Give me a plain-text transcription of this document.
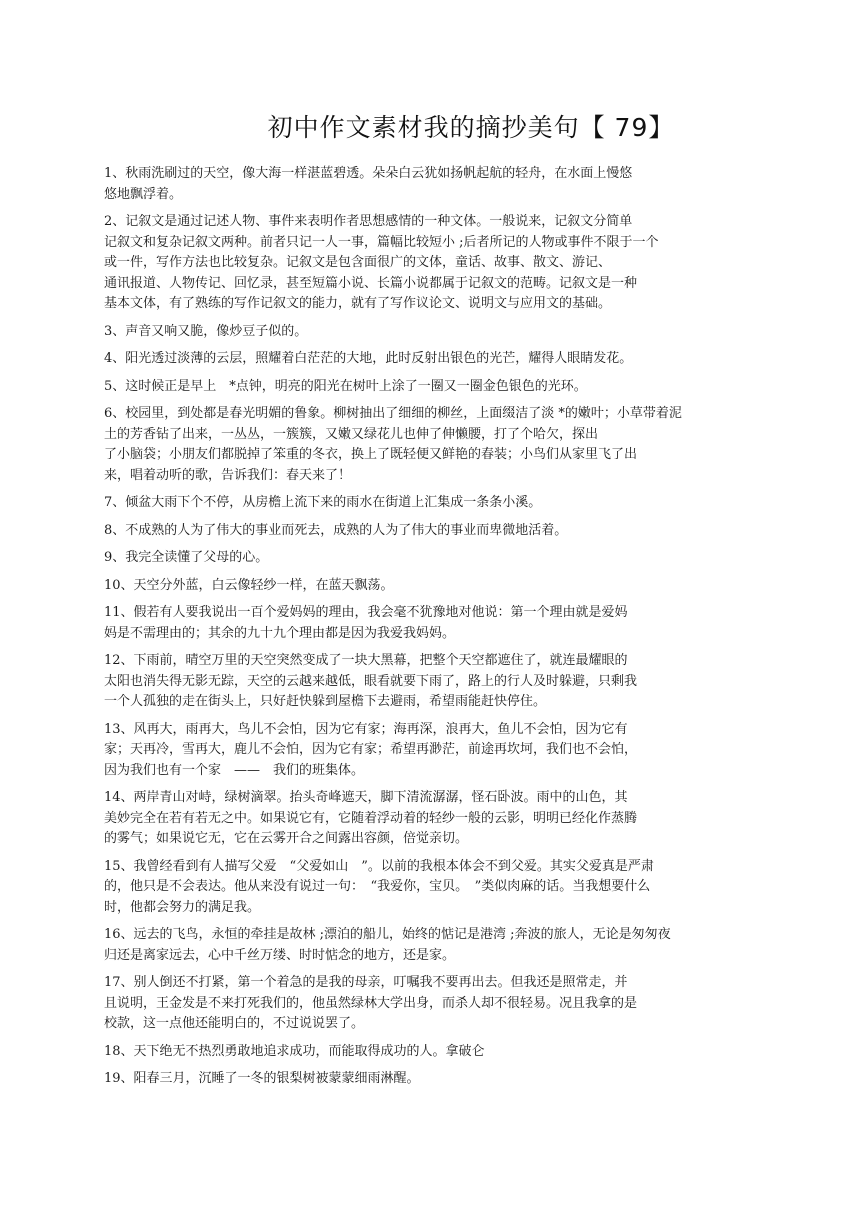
初中作文素材我的摘抄美句【 79】
1、秋雨洗刷过的天空，像大海一样湛蓝碧透。朵朵白云犹如扬帆起航的轻舟，在水面上慢悠
悠地飘浮着。
2、记叙文是通过记述人物、事件来表明作者思想感情的一种文体。一般说来，记叙文分简单
记叙文和复杂记叙文两种。前者只记一人一事，篇幅比较短小 ;后者所记的人物或事件不限于一个
或一件，写作方法也比较复杂。记叙文是包含面很广的文体，童话、故事、散文、游记、
通讯报道、人物传记、回忆录，甚至短篇小说、长篇小说都属于记叙文的范畴。记叙文是一种
基本文体，有了熟练的写作记叙文的能力，就有了写作议论文、说明文与应用文的基础。
3、声音又响又脆，像炒豆子似的。
4、阳光透过淡薄的云层，照耀着白茫茫的大地，此时反射出银色的光芒，耀得人眼睛发花。
5、这时候正是早上　*点钟，明亮的阳光在树叶上涂了一圈又一圈金色银色的光环。
6、校园里，到处都是春光明媚的鲁象。柳树抽出了细细的柳丝，上面缀洁了淡 *的嫩叶；小草带着泥
土的芳香钻了出来，一丛丛，一簇簇，又嫩又绿花儿也伸了伸懒腰，打了个哈欠，探出
了小脑袋；小朋友们都脱掉了笨重的冬衣，换上了既轻便又鲜艳的春装；小鸟们从家里飞了出
来，唱着动听的歌，告诉我们：春天来了！
7、倾盆大雨下个不停，从房檐上流下来的雨水在街道上汇集成一条条小溪。
8、不成熟的人为了伟大的事业而死去，成熟的人为了伟大的事业而卑微地活着。
9、我完全读懂了父母的心。
10、天空分外蓝，白云像轻纱一样，在蓝天飘荡。
11、假若有人要我说出一百个爱妈妈的理由，我会毫不犹豫地对他说：第一个理由就是爱妈
妈是不需理由的；其余的九十九个理由都是因为我爱我妈妈。
12、下雨前，晴空万里的天空突然变成了一块大黑幕，把整个天空都遮住了，就连最耀眼的
太阳也消失得无影无踪，天空的云越来越低，眼看就要下雨了，路上的行人及时躲避，只剩我
一个人孤独的走在街头上，只好赶快躲到屋檐下去避雨，希望雨能赶快停住。
13、风再大，雨再大，鸟儿不会怕，因为它有家；海再深，浪再大，鱼儿不会怕，因为它有
家；天再冷，雪再大，鹿儿不会怕，因为它有家；希望再渺茫，前途再坎坷，我们也不会怕，
因为我们也有一个家　——　我们的班集体。
14、两岸青山对峙，绿树滴翠。抬头奇峰遮天，脚下清流潺潺，怪石卧波。雨中的山色，其
美妙完全在若有若无之中。如果说它有，它随着浮动着的轻纱一般的云影，明明已经化作蒸腾
的雾气；如果说它无，它在云雾开合之间露出容颜，倍觉亲切。
15、我曾经看到有人描写父爱　“父爱如山　”。以前的我根本体会不到父爱。其实父爱真是严肃
的，他只是不会表达。他从来没有说过一句：　“我爱你，宝贝。　”类似肉麻的话。当我想要什么
时，他都会努力的满足我。
16、远去的飞鸟，永恒的牵挂是故林 ;漂泊的船儿，始终的惦记是港湾 ;奔波的旅人，无论是匆匆夜
归还是离家远去，心中千丝万缕、时时惦念的地方，还是家。
17、别人倒还不打紧，第一个着急的是我的母亲，叮嘱我不要再出去。但我还是照常走，并
且说明，王金发是不来打死我们的，他虽然绿林大学出身，而杀人却不很轻易。况且我拿的是
校款，这一点他还能明白的，不过说说罢了。
18、天下绝无不热烈勇敢地追求成功，而能取得成功的人。拿破仑
19、阳春三月，沉睡了一冬的银梨树被蒙蒙细雨淋醒。
